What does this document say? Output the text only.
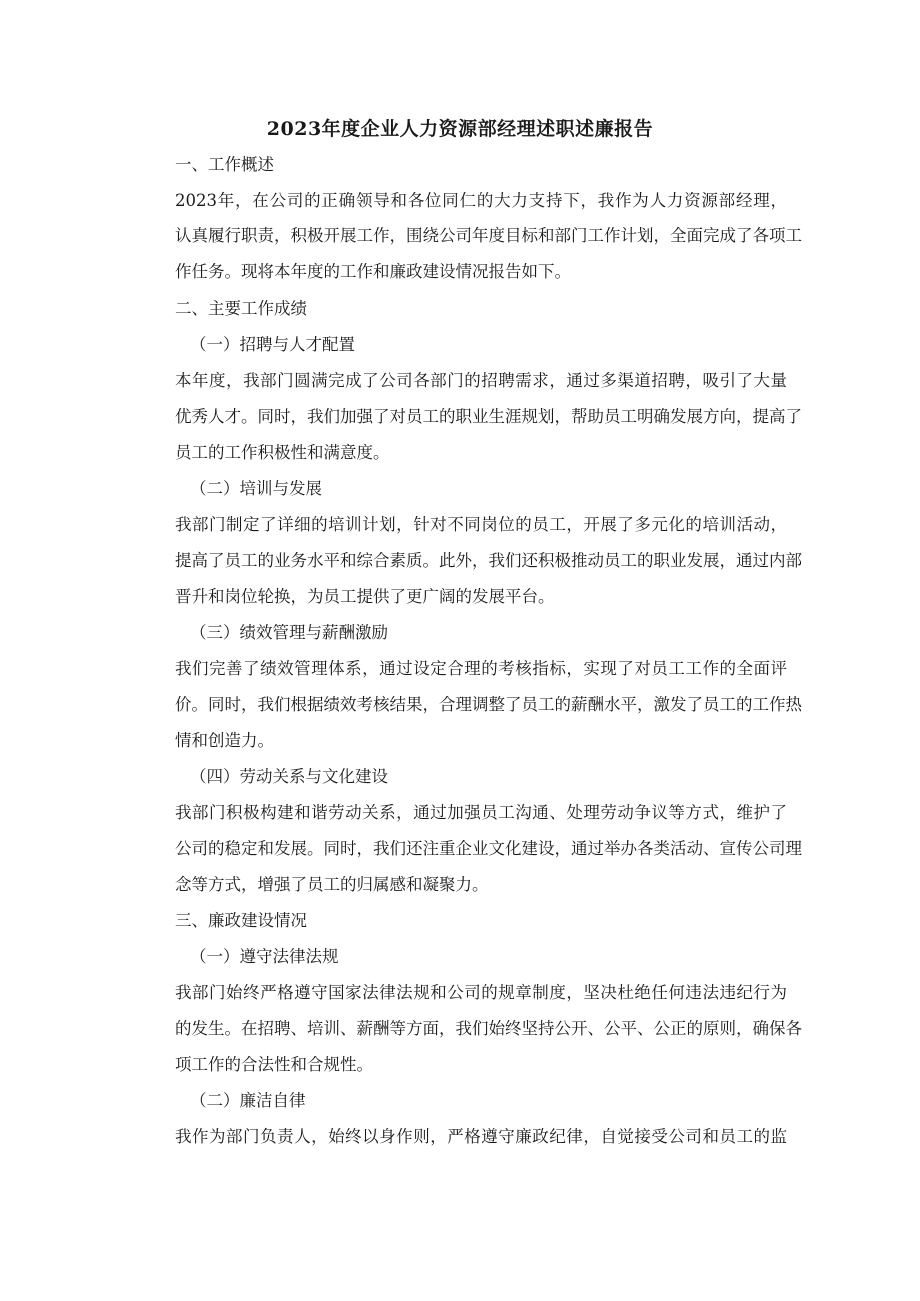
2023年度企业人力资源部经理述职述廉报告
一、工作概述
2023年，在公司的正确领导和各位同仁的大力支持下，我作为人力资源部经理，
认真履行职责，积极开展工作，围绕公司年度目标和部门工作计划，全面完成了各项工
作任务。现将本年度的工作和廉政建设情况报告如下。
二、主要工作成绩
（一）招聘与人才配置
本年度，我部门圆满完成了公司各部门的招聘需求，通过多渠道招聘，吸引了大量
优秀人才。同时，我们加强了对员工的职业生涯规划，帮助员工明确发展方向，提高了
员工的工作积极性和满意度。
（二）培训与发展
我部门制定了详细的培训计划，针对不同岗位的员工，开展了多元化的培训活动，
提高了员工的业务水平和综合素质。此外，我们还积极推动员工的职业发展，通过内部
晋升和岗位轮换，为员工提供了更广阔的发展平台。
（三）绩效管理与薪酬激励
我们完善了绩效管理体系，通过设定合理的考核指标，实现了对员工工作的全面评
价。同时，我们根据绩效考核结果，合理调整了员工的薪酬水平，激发了员工的工作热
情和创造力。
（四）劳动关系与文化建设
我部门积极构建和谐劳动关系，通过加强员工沟通、处理劳动争议等方式，维护了
公司的稳定和发展。同时，我们还注重企业文化建设，通过举办各类活动、宣传公司理
念等方式，增强了员工的归属感和凝聚力。
三、廉政建设情况
（一）遵守法律法规
我部门始终严格遵守国家法律法规和公司的规章制度，坚决杜绝任何违法违纪行为
的发生。在招聘、培训、薪酬等方面，我们始终坚持公开、公平、公正的原则，确保各
项工作的合法性和合规性。
（二）廉洁自律
我作为部门负责人，始终以身作则，严格遵守廉政纪律，自觉接受公司和员工的监
